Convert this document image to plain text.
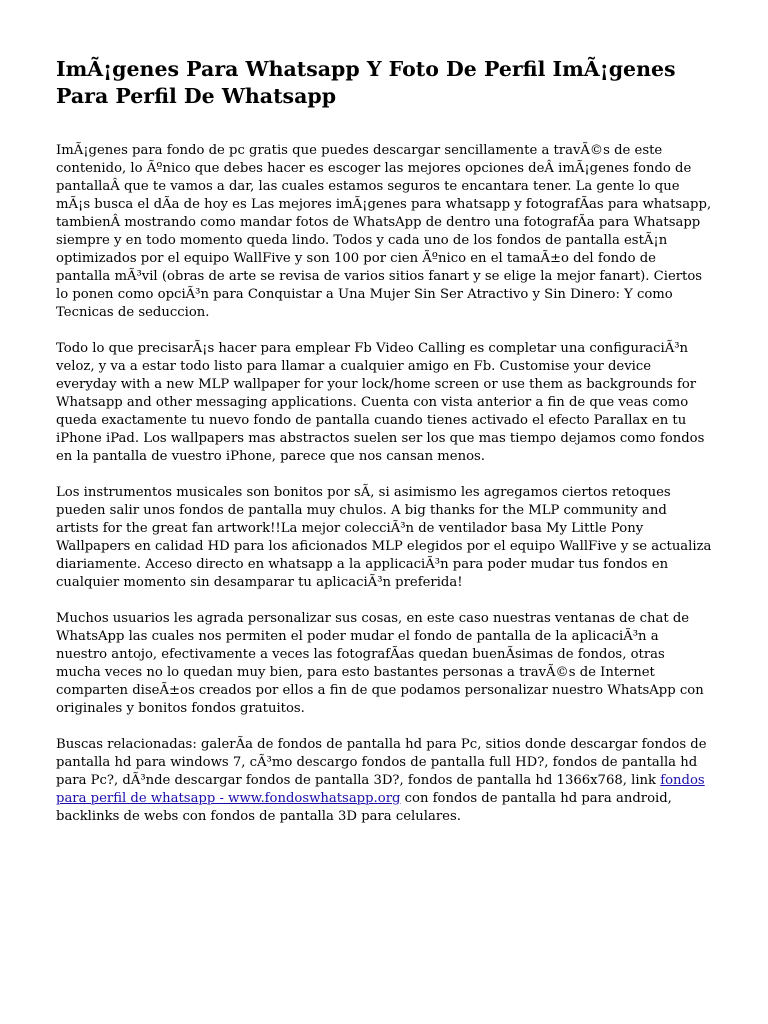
ImÃ¡genes Para Whatsapp Y Foto De Perfil ImÃ¡genes Para Perfil De Whatsapp

ImÃ¡genes para fondo de pc gratis que puedes descargar sencillamente a travÃ©s de este contenido, lo Ãºnico que debes hacer es escoger las mejores opciones deÂ imÃ¡genes fondo de pantallaÂ que te vamos a dar, las cuales estamos seguros te encantara tener. La gente lo que mÃ¡s busca el dÃa de hoy es Las mejores imÃ¡genes para whatsapp y fotografÃas para whatsapp, tambienÂ mostrando como mandar fotos de WhatsApp de dentro una fotografÃa para Whatsapp siempre y en todo momento queda lindo. Todos y cada uno de los fondos de pantalla estÃ¡n optimizados por el equipo WallFive y son 100 por cien Ãºnico en el tamaÃ±o del fondo de pantalla mÃ³vil (obras de arte se revisa de varios sitios fanart y se elige la mejor fanart). Ciertos lo ponen como opciÃ³n para Conquistar a Una Mujer Sin Ser Atractivo y Sin Dinero: Y como Tecnicas de seduccion.

Todo lo que precisarÃ¡s hacer para emplear Fb Video Calling es completar una configuraciÃ³n veloz, y va a estar todo listo para llamar a cualquier amigo en Fb. Customise your device everyday with a new MLP wallpaper for your lock/home screen or use them as backgrounds for Whatsapp and other messaging applications. Cuenta con vista anterior a fin de que veas como queda exactamente tu nuevo fondo de pantalla cuando tienes activado el efecto Parallax en tu iPhone iPad. Los wallpapers mas abstractos suelen ser los que mas tiempo dejamos como fondos en la pantalla de vuestro iPhone, parece que nos cansan menos.

Los instrumentos musicales son bonitos por sÃ, si asimismo les agregamos ciertos retoques pueden salir unos fondos de pantalla muy chulos. A big thanks for the MLP community and artists for the great fan artwork!!La mejor colecciÃ³n de ventilador basa My Little Pony Wallpapers en calidad HD para los aficionados MLP elegidos por el equipo WallFive y se actualiza diariamente. Acceso directo en whatsapp a la applicaciÃ³n para poder mudar tus fondos en cualquier momento sin desamparar tu aplicaciÃ³n preferida!

Muchos usuarios les agrada personalizar sus cosas, en este caso nuestras ventanas de chat de WhatsApp las cuales nos permiten el poder mudar el fondo de pantalla de la aplicaciÃ³n a nuestro antojo, efectivamente a veces las fotografÃas quedan buenÃsimas de fondos, otras mucha veces no lo quedan muy bien, para esto bastantes personas a travÃ©s de Internet comparten diseÃ±os creados por ellos a fin de que podamos personalizar nuestro WhatsApp con originales y bonitos fondos gratuitos.

Buscas relacionadas: galerÃa de fondos de pantalla hd para Pc, sitios donde descargar fondos de pantalla hd para windows 7, cÃ³mo descargo fondos de pantalla full HD?, fondos de pantalla hd para Pc?, dÃ³nde descargar fondos de pantalla 3D?, fondos de pantalla hd 1366x768, link fondos para perfil de whatsapp - www.fondoswhatsapp.org con fondos de pantalla hd para android, backlinks de webs con fondos de pantalla 3D para celulares.
